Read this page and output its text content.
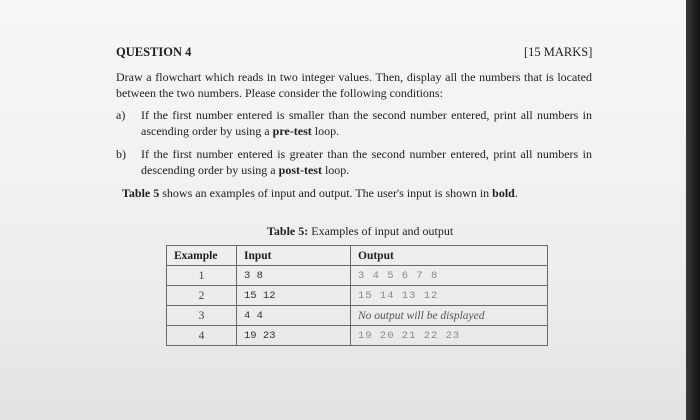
QUESTION 4	[15 MARKS]
Draw a flowchart which reads in two integer values. Then, display all the numbers that is located between the two numbers. Please consider the following conditions:
a) If the first number entered is smaller than the second number entered, print all numbers in ascending order by using a pre-test loop.
b) If the first number entered is greater than the second number entered, print all numbers in descending order by using a post-test loop.
Table 5 shows an examples of input and output. The user's input is shown in bold.
Table 5: Examples of input and output
Example	Input	Output
1	3 8	3 4 5 6 7 8
2	15 12	15 14 13 12
3	4 4	No output will be displayed
4	19 23	19 20 21 22 23
